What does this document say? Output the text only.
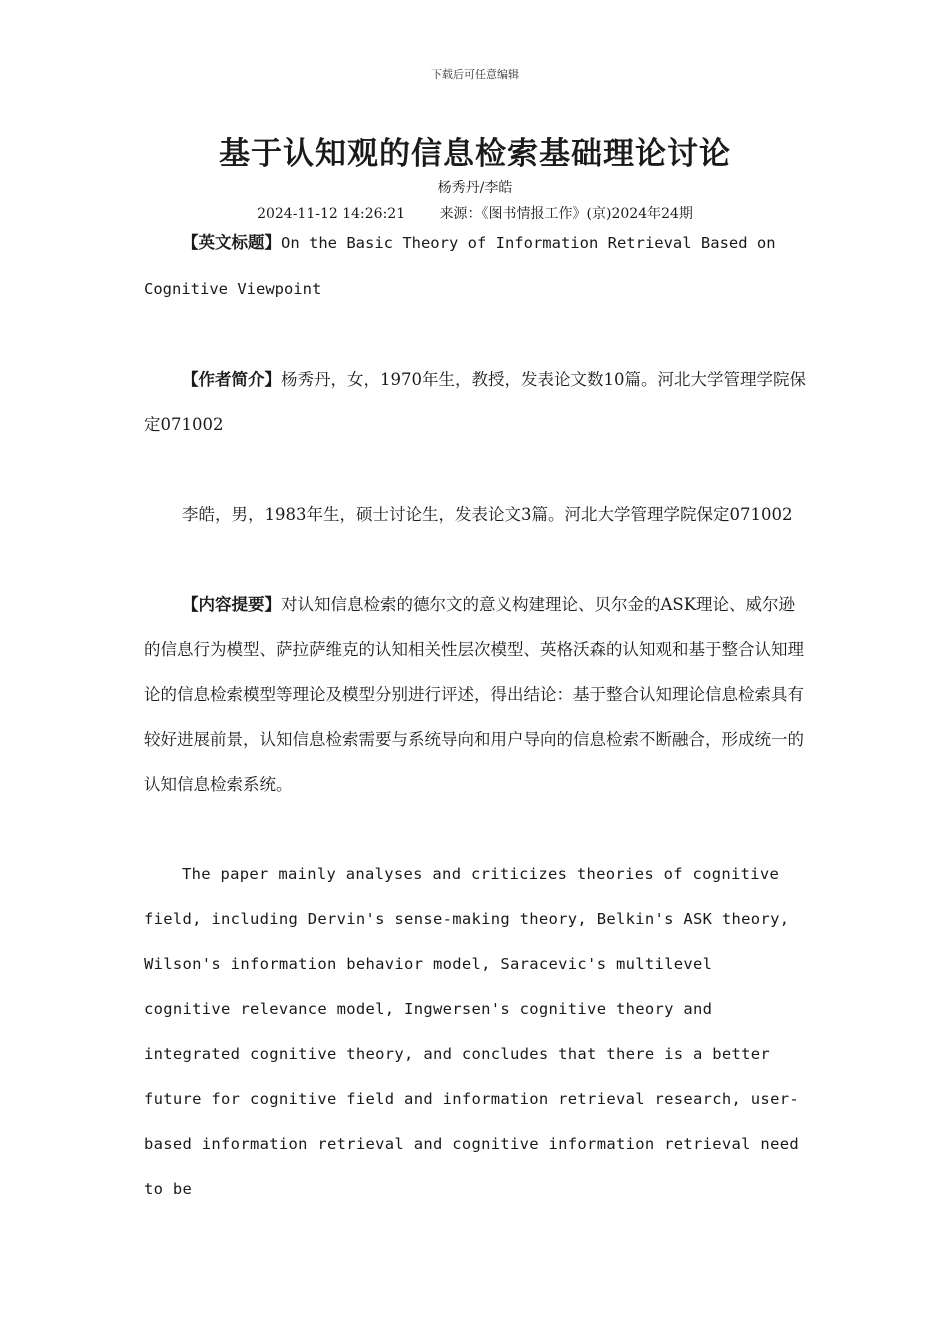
下载后可任意编辑
基于认知观的信息检索基础理论讨论
杨秀丹/李皓
2024-11-12 14:26:21 来源：《图书情报工作》(京)2024年24期

【英文标题】On the Basic Theory of Information Retrieval Based on Cognitive Viewpoint

【作者简介】杨秀丹，女，1970年生，教授，发表论文数10篇。河北大学管理学院保定071002

李皓，男，1983年生，硕士讨论生，发表论文3篇。河北大学管理学院保定071002

【内容提要】对认知信息检索的德尔文的意义构建理论、贝尔金的ASK理论、威尔逊的信息行为模型、萨拉萨维克的认知相关性层次模型、英格沃森的认知观和基于整合认知理论的信息检索模型等理论及模型分别进行评述，得出结论：基于整合认知理论信息检索具有较好进展前景，认知信息检索需要与系统导向和用户导向的信息检索不断融合，形成统一的认知信息检索系统。

The paper mainly analyses and criticizes theories of cognitive field, including Dervin's sense-making theory, Belkin's ASK theory, Wilson's information behavior model, Saracevic's multilevel cognitive relevance model, Ingwersen's cognitive theory and integrated cognitive theory, and concludes that there is a better future for cognitive field and information retrieval research, user-based information retrieval and cognitive information retrieval need to be
